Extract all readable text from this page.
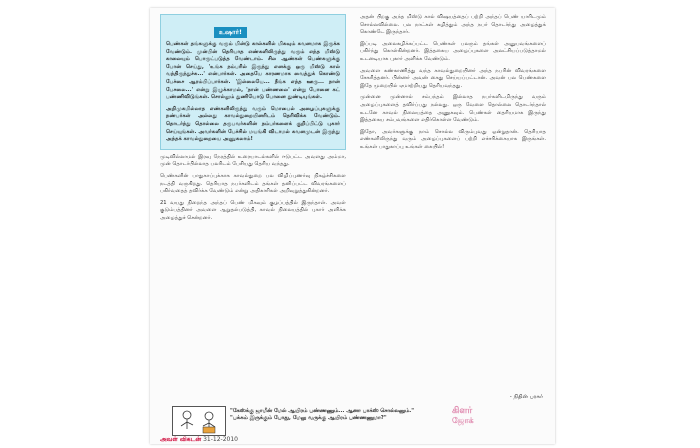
உஷார்!

பெண்கள் தங்களுக்கு வரும் மின்டு கால்களில் மிகவும் கவனமாக இருக்க வேண்டும். முன்பின் தெரியாத எண்களிலிருந்து வரும் எந்த மிஸ்டு காலையும் பொருட்படுத்த வேண்டாம். சில ஆண்கள் பெண்களுக்கு போன் செய்து, 'உங்க நம்பரில் இருந்து எனக்கு ஒரு மிஸ்டு கால் வந்திருந்துச்சு...' என்பார்கள். அதையே காரணமாக வைத்துக் கொண்டு பேச்சை ஆரம்பிப்பார்கள். 'இல்லையே... நீங்க எந்த ஊரு... நான் பேசலை...' என்று இழுக்காமல், 'நான் பண்ணலை' என்று போனை கட் பண்ணிவிடுங்கள். சொல்லும் துணியோடு போனை துண்டியுங்கள்.

அறிமுகமில்லாத எண்களிலிருந்து வரும் மொபைல் அழைப்புகளுக்கு நண்பர்கள் அல்லது காவல்துறையினரிடம் தெரிவிக்க வேண்டும். தொடர்ந்து தொல்லை தருபவர்களின் நம்பர்களைக் குறிப்பிட்டு புகார் செய்யுங்கள். அவர்களின் பேச்சில் மயங்கி விடாமல் கவனமுடன் இருந்து அந்தக் காவல்துறையை அணுகலாம்!

முடிவில்லாமல் இரவு நேரத்தில் உரையாடல்களில் ஈடுபட்ட அவளது அம்மா, முன் தொடர்பில்லாத பலரிடம் பேசியது தெரிய வந்தது.

பெண்களின் பாதுகாப்புக்காக காவல்துறை பல விழிப்புணர்வு நிகழ்ச்சிகளை நடத்தி வருகிறது. தெரியாத நபர்களிடம் தங்கள் தனிப்பட்ட விவரங்களைப் பகிர்வதைத் தவிர்க்க வேண்டும் என்று அதிகாரிகள் அறிவுறுத்துகின்றனர்.

21 வயது நிறைந்த அந்தப் பெண் மிகவும் குழப்பத்தில் இருந்தாள். அவள் குடும்பத்தினர் அவளை ஆறுதல்படுத்தி, காவல் நிலையத்தில் புகார் அளிக்க அழைத்துச் சென்றனர்.

அதன் பிறகு அந்த மிஸ்டு கால் விஷயத்தைப் பற்றி அந்தப் பெண் யாரிடமும் சொல்லவில்லை. பல நாட்கள் கழித்தும் அந்த நபர் தொடர்ந்து அழைத்துக் கொண்டே இருந்தார்.

இப்படி அலைகழிக்கப்பட்ட பெண்கள் பலரும் தங்கள் அனுபவங்களைப் பகிர்ந்து கொள்கின்றனர். இத்தகைய அழைப்புகளை அலட்சியப்படுத்தாமல் உடனடியாக புகார் அளிக்க வேண்டும்.

அவளை கண்காணித்து வந்த காவல்துறையினர் அந்த நபரின் விவரங்களை சேகரித்தனர். பின்னர் அவன் கைது செய்யப்பட்டான். அவன் பல பெண்களை இதே முறையில் ஏமாற்றியது தெரியவந்தது.

முன்னை முன்னால் சம்பந்தம் இல்லாத நபர்களிடமிருந்து வரும் அழைப்புகளைத் தவிர்ப்பது நல்லது. ஒரு வேளை தொல்லை தொடர்ந்தால் உடனே காவல் நிலையத்தை அணுகவும். பெண்கள் தைரியமாக இருந்து இத்தகைய சம்பவங்களை எதிர்கொள்ள வேண்டும்.

இதோ, அவர்களுக்கு நாம் சொல்ல விரும்புவது ஒன்றுதான். தெரியாத எண்களிலிருந்து வரும் அழைப்புகளைப் பற்றி எச்சரிக்கையாக இருங்கள். உங்கள் பாதுகாப்பு உங்கள் கையில்!

- நிதின் பரசுர்

"கேஸ்க்கு ஜாமீன் மேல் ஆயிரம் பண்ணணும்... ஆனா பாக்ஸ் சொல்லனும்."

"பக்கம் இருக்கும் போது, மேலு வருக்கு ஆயிரம் பண்ணணுமா?"

கிளர்
ஜோக்
அவள் விகடன் 31-12-2010
